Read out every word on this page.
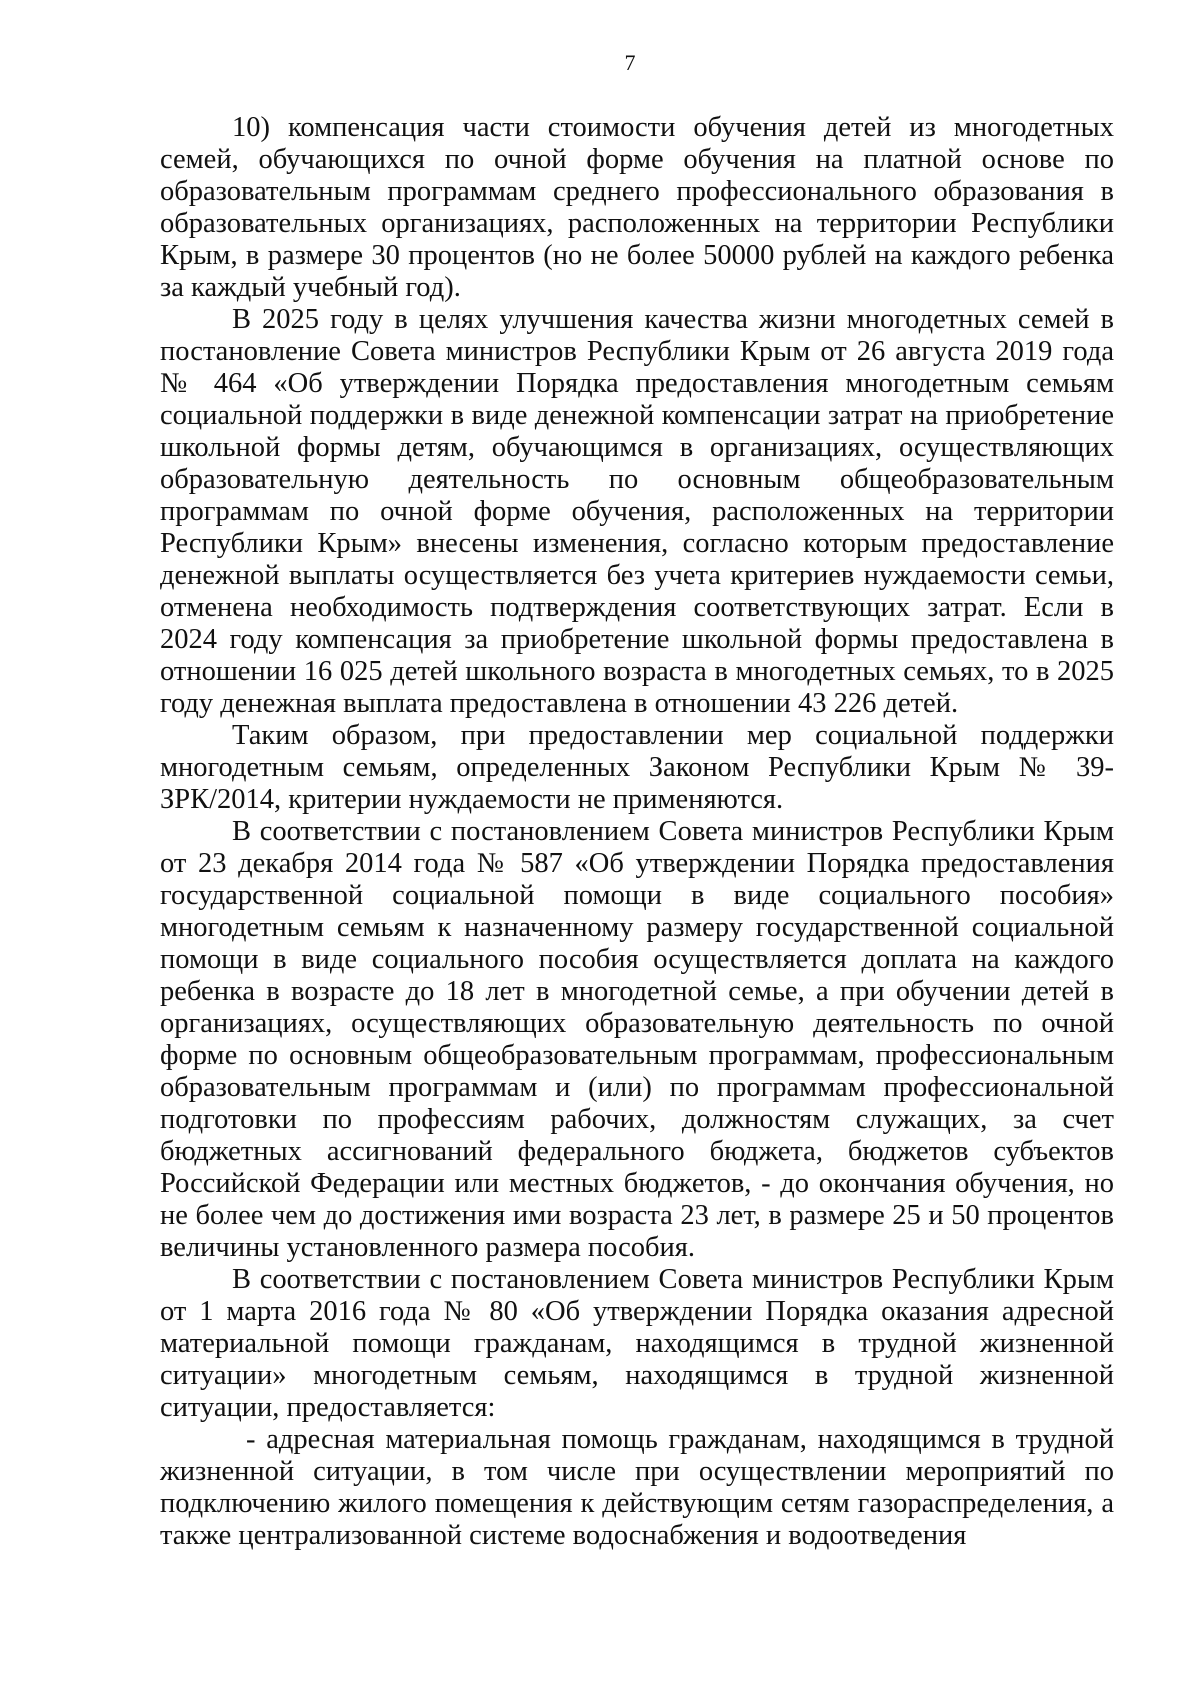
7

10) компенсация части стоимости обучения детей из многодетных семей, обучающихся по очной форме обучения на платной основе по образовательным программам среднего профессионального образования в образовательных организациях, расположенных на территории Республики Крым, в размере 30 процентов (но не более 50000 рублей на каждого ребенка за каждый учебный год).

В 2025 году в целях улучшения качества жизни многодетных семей в постановление Совета министров Республики Крым от 26 августа 2019 года № 464 «Об утверждении Порядка предоставления многодетным семьям социальной поддержки в виде денежной компенсации затрат на приобретение школьной формы детям, обучающимся в организациях, осуществляющих образовательную деятельность по основным общеобразовательным программам по очной форме обучения, расположенных на территории Республики Крым» внесены изменения, согласно которым предоставление денежной выплаты осуществляется без учета критериев нуждаемости семьи, отменена необходимость подтверждения соответствующих затрат. Если в 2024 году компенсация за приобретение школьной формы предоставлена в отношении 16 025 детей школьного возраста в многодетных семьях, то в 2025 году денежная выплата предоставлена в отношении 43 226 детей.

Таким образом, при предоставлении мер социальной поддержки многодетным семьям, определенных Законом Республики Крым № 39-ЗРК/2014, критерии нуждаемости не применяются.

В соответствии с постановлением Совета министров Республики Крым от 23 декабря 2014 года № 587 «Об утверждении Порядка предоставления государственной социальной помощи в виде социального пособия» многодетным семьям к назначенному размеру государственной социальной помощи в виде социального пособия осуществляется доплата на каждого ребенка в возрасте до 18 лет в многодетной семье, а при обучении детей в организациях, осуществляющих образовательную деятельность по очной форме по основным общеобразовательным программам, профессиональным образовательным программам и (или) по программам профессиональной подготовки по профессиям рабочих, должностям служащих, за счет бюджетных ассигнований федерального бюджета, бюджетов субъектов Российской Федерации или местных бюджетов, - до окончания обучения, но не более чем до достижения ими возраста 23 лет, в размере 25 и 50 процентов величины установленного размера пособия.

В соответствии с постановлением Совета министров Республики Крым от 1 марта 2016 года № 80 «Об утверждении Порядка оказания адресной материальной помощи гражданам, находящимся в трудной жизненной ситуации» многодетным семьям, находящимся в трудной жизненной ситуации, предоставляется:

- адресная материальная помощь гражданам, находящимся в трудной жизненной ситуации, в том числе при осуществлении мероприятий по подключению жилого помещения к действующим сетям газораспределения, а также централизованной системе водоснабжения и водоотведения
